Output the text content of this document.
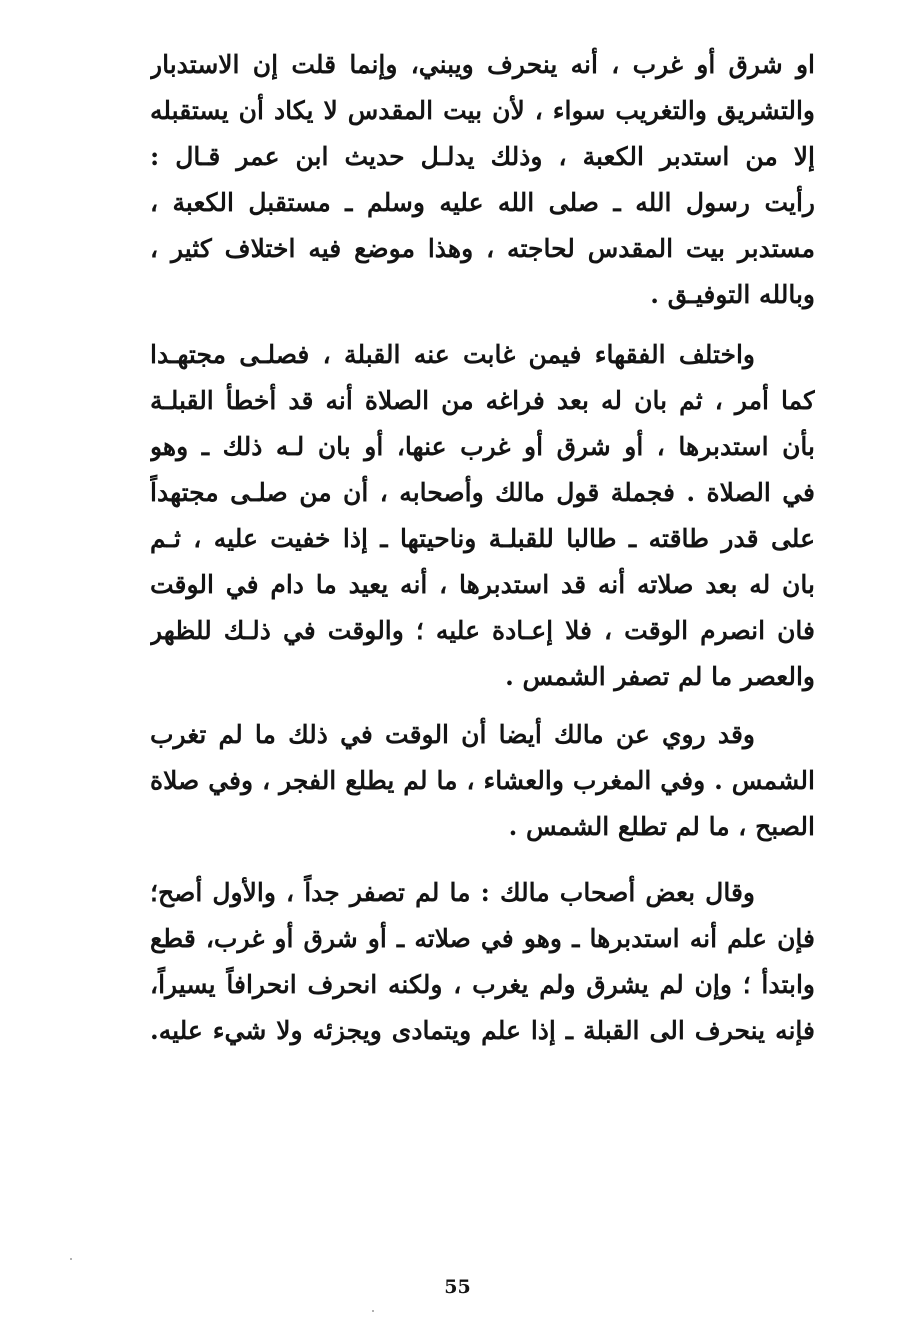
او شرق أو غرب ، أنه ينحرف ويبني، وإنما قلت إن الاستدبار
والتشريق والتغريب سواء ، لأن بيت المقدس لا يكاد أن يستقبله
إلا من استدبر الكعبة ، وذلك يدلـل حديث ابن عمر قـال :
رأيت رسول الله ـ صلى الله عليه وسلم ـ مستقبل الكعبة ،
مستدبر بيت المقدس لحاجته ، وهذا موضع فيه اختلاف كثير ،
وبالله التوفيـق .
واختلف الفقهاء فيمن غابت عنه القبلة ، فصلـى مجتهـدا
كما أمر ، ثم بان له بعد فراغه من الصلاة أنه قد أخطأ القبلـة
بأن استدبرها ، أو شرق أو غرب عنها، أو بان لـه ذلك ـ وهو
في الصلاة . فجملة قول مالك وأصحابه ، أن من صلـى مجتهداً
على قدر طاقته ـ طالبا للقبلـة وناحيتها ـ إذا خفيت عليه ، ثـم
بان له بعد صلاته أنه قد استدبرها ، أنه يعيد ما دام في الوقت
فان انصرم الوقت ، فلا إعـادة عليه ؛ والوقت في ذلـك للظهر
والعصر ما لم تصفر الشمس .
وقد روي عن مالك أيضا أن الوقت في ذلك ما لم تغرب
الشمس . وفي المغرب والعشاء ، ما لم يطلع الفجر ، وفي صلاة
الصبح ، ما لم تطلع الشمس .
وقال بعض أصحاب مالك : ما لم تصفر جداً ، والأول أصح؛
فإن علم أنه استدبرها ـ وهو في صلاته ـ أو شرق أو غرب، قطع
وابتدأ ؛ وإن لم يشرق ولم يغرب ، ولكنه انحرف انحرافاً يسيراً،
فإنه ينحرف الى القبلة ـ إذا علم ويتمادى ويجزئه ولا شيء عليه.
55
